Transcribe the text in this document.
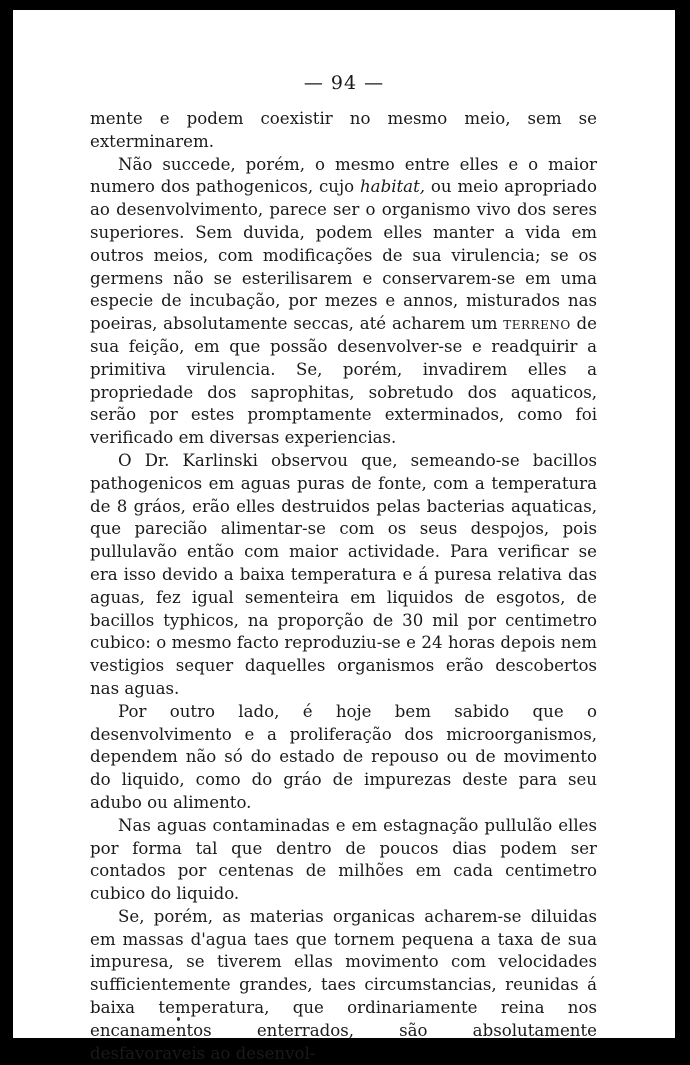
— 94 —

mente e podem coexistir no mesmo meio, sem se exterminarem.

Não succede, porém, o mesmo entre elles e o maior numero dos pathogenicos, cujo habitat, ou meio apropriado ao desenvolvimento, parece ser o organismo vivo dos seres superiores. Sem duvida, podem elles manter a vida em outros meios, com modificações de sua virulencia; se os germens não se esterilisarem e conservarem-se em uma especie de incubação, por mezes e annos, misturados nas poeiras, absolutamente seccas, até acharem um terreno de sua feição, em que possão desenvolver-se e readquirir a primitiva virulencia. Se, porém, invadirem elles a propriedade dos saprophitas, sobretudo dos aquaticos, serão por estes promptamente exterminados, como foi verificado em diversas experiencias.

O Dr. Karlinski observou que, semeando-se bacillos pathogenicos em aguas puras de fonte, com a temperatura de 8 gráos, erão elles destruidos pelas bacterias aquaticas, que parecião alimentar-se com os seus despojos, pois pullulavão então com maior actividade. Para verificar se era isso devido a baixa temperatura e á puresa relativa das aguas, fez igual sementeira em liquidos de esgotos, de bacillos typhicos, na proporção de 30 mil por centimetro cubico: o mesmo facto reproduziu-se e 24 horas depois nem vestigios sequer daquelles organismos erão descobertos nas aguas.

Por outro lado, é hoje bem sabido que o desenvolvimento e a proliferação dos microorganismos, dependem não só do estado de repouso ou de movimento do liquido, como do gráo de impurezas deste para seu adubo ou alimento.

Nas aguas contaminadas e em estagnação pullulão elles por forma tal que dentro de poucos dias podem ser contados por centenas de milhões em cada centimetro cubico do liquido.

Se, porém, as materias organicas acharem-se diluidas em massas d'agua taes que tornem pequena a taxa de sua impuresa, se tiverem ellas movimento com velocidades sufficientemente grandes, taes circumstancias, reunidas á baixa temperatura, que ordinariamente reina nos encanamentos enterrados, são absolutamente desfavoraveis ao desenvol-
